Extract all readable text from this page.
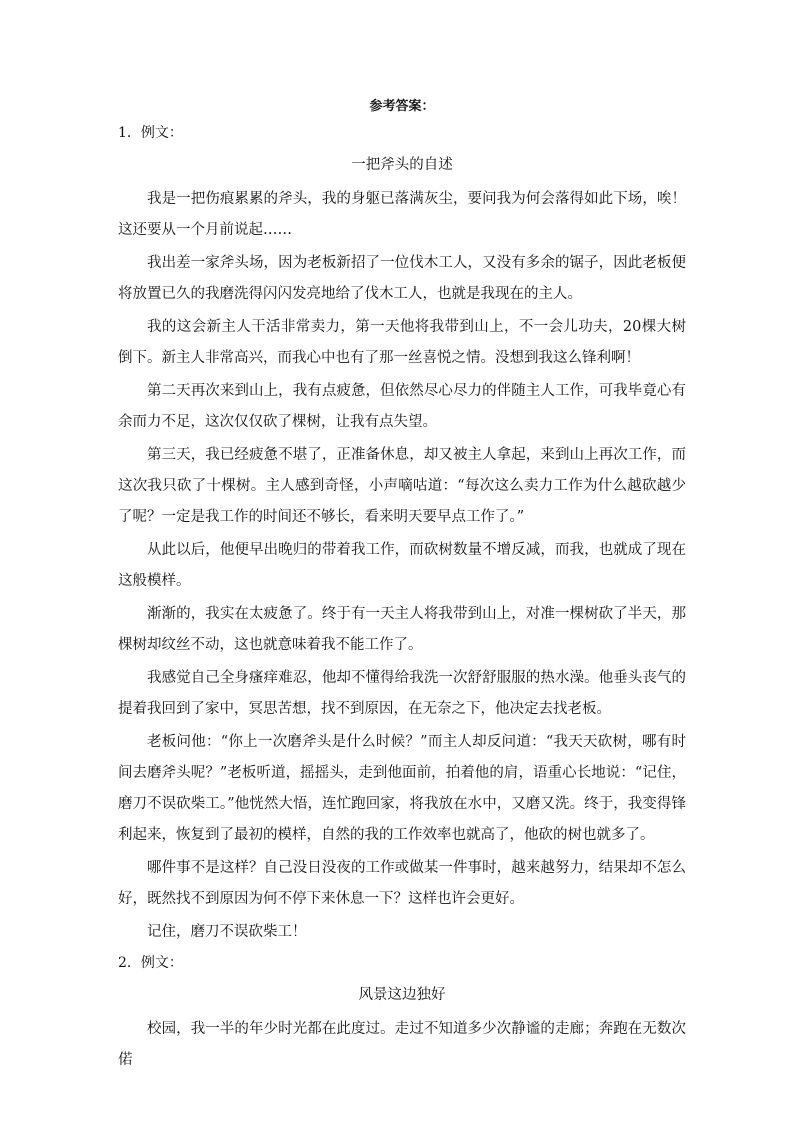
参考答案：
1．例文：
一把斧头的自述

我是一把伤痕累累的斧头，我的身躯已落满灰尘，要问我为何会落得如此下场，唉！这还要从一个月前说起……

我出差一家斧头场，因为老板新招了一位伐木工人，又没有多余的锯子，因此老板便将放置已久的我磨洗得闪闪发亮地给了伐木工人，也就是我现在的主人。

我的这会新主人干活非常卖力，第一天他将我带到山上，不一会儿功夫，20棵大树倒下。新主人非常高兴，而我心中也有了那一丝喜悦之情。没想到我这么锋利啊！

第二天再次来到山上，我有点疲惫，但依然尽心尽力的伴随主人工作，可我毕竟心有余而力不足，这次仅仅砍了棵树，让我有点失望。

第三天，我已经疲惫不堪了，正准备休息，却又被主人拿起，来到山上再次工作，而这次我只砍了十棵树。主人感到奇怪，小声嘀咕道：“每次这么卖力工作为什么越砍越少了呢？一定是我工作的时间还不够长，看来明天要早点工作了。”

从此以后，他便早出晚归的带着我工作，而砍树数量不增反减，而我，也就成了现在这般模样。

渐渐的，我实在太疲惫了。终于有一天主人将我带到山上，对准一棵树砍了半天，那棵树却纹丝不动，这也就意味着我不能工作了。

我感觉自己全身瘙痒难忍，他却不懂得给我洗一次舒舒服服的热水澡。他垂头丧气的提着我回到了家中，冥思苦想，找不到原因，在无奈之下，他决定去找老板。

老板问他：“你上一次磨斧头是什么时候？”而主人却反问道：“我天天砍树，哪有时间去磨斧头呢？”老板听道，摇摇头，走到他面前，拍着他的肩，语重心长地说：“记住，磨刀不误砍柴工。”他恍然大悟，连忙跑回家，将我放在水中，又磨又洗。终于，我变得锋利起来，恢复到了最初的模样，自然的我的工作效率也就高了，他砍的树也就多了。

哪件事不是这样？自己没日没夜的工作或做某一件事时，越来越努力，结果却不怎么好，既然找不到原因为何不停下来休息一下？这样也许会更好。

记住，磨刀不误砍柴工！

2．例文：
风景这边独好

校园，我一半的年少时光都在此度过。走过不知道多少次静谧的走廊；奔跑在无数次偌
